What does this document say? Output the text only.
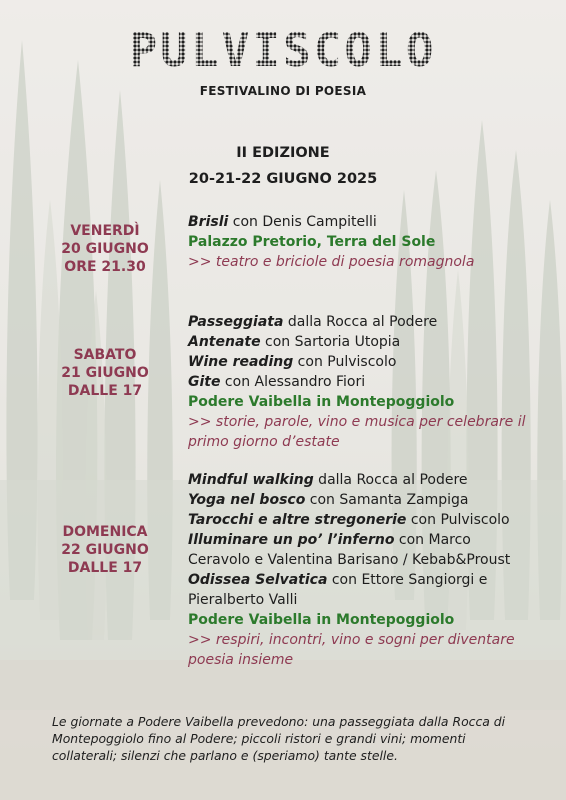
FESTIVALINO DI POESIA
II EDIZIONE
20-21-22 GIUGNO 2025
VENERDÌ
20 GIUGNO
ORE 21.30
Brisli con Denis Campitelli
Palazzo Pretorio, Terra del Sole
>> teatro e briciole di poesia romagnola
SABATO
21 GIUGNO
DALLE 17
Passeggiata dalla Rocca al Podere
Antenate con Sartoria Utopia
Wine reading con Pulviscolo
Gite con Alessandro Fiori
Podere Vaibella in Montepoggiolo
>> storie, parole, vino e musica per celebrare il primo giorno d’estate
DOMENICA
22 GIUGNO
DALLE 17
Mindful walking dalla Rocca al Podere
Yoga nel bosco con Samanta Zampiga
Tarocchi e altre stregonerie con Pulviscolo
Illuminare un po’ l’inferno con Marco Ceravolo e Valentina Barisano / Kebab&Proust
Odissea Selvatica con Ettore Sangiorgi e Pieralberto Valli
Podere Vaibella in Montepoggiolo
>> respiri, incontri, vino e sogni per diventare poesia insieme
Le giornate a Podere Vaibella prevedono: una passeggiata dalla Rocca di Montepoggiolo fino al Podere; piccoli ristori e grandi vini; momenti collaterali; silenzi che parlano e (speriamo) tante stelle.
